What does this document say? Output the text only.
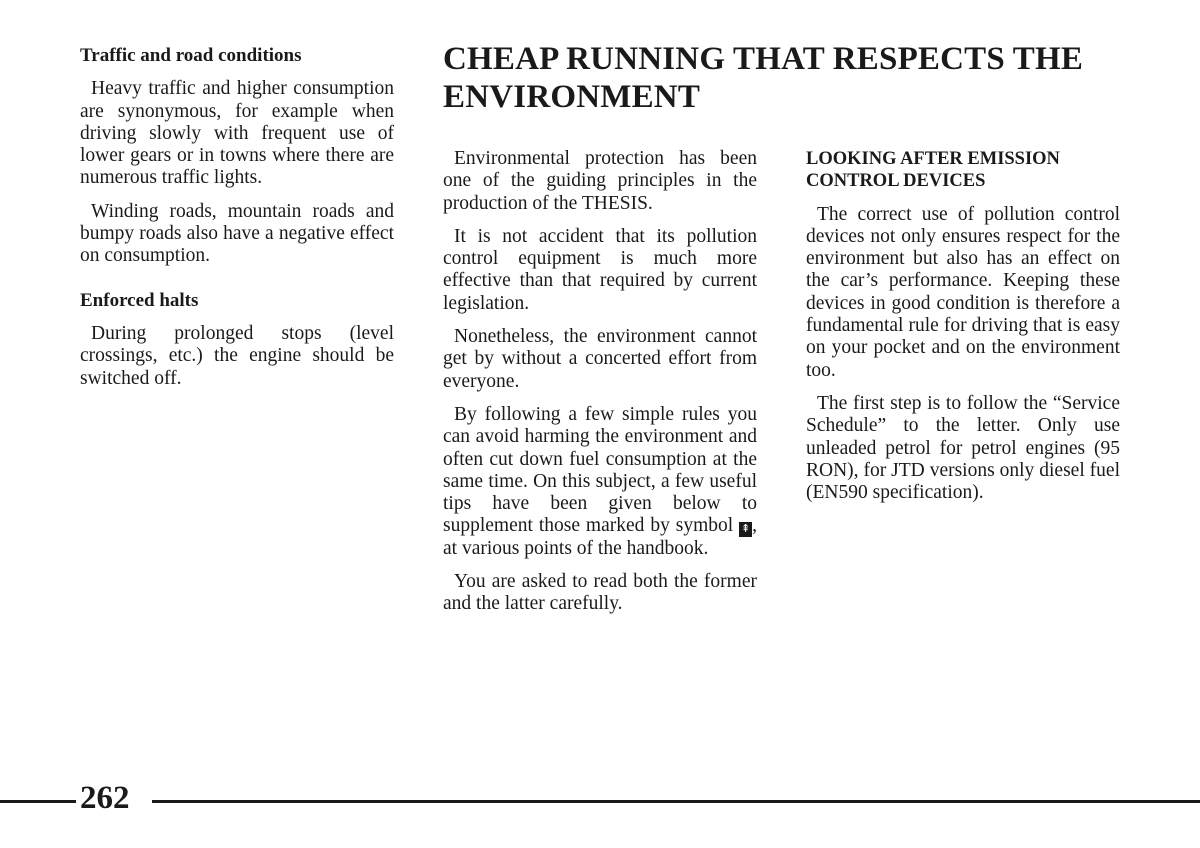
Traffic and road conditions

Heavy traffic and higher consumption are synonymous, for example when driving slowly with frequent use of lower gears or in towns where there are numerous traffic lights.

Winding roads, mountain roads and bumpy roads also have a negative effect on consumption.

Enforced halts

During prolonged stops (level crossings, etc.) the engine should be switched off.

CHEAP RUNNING THAT RESPECTS THE ENVIRONMENT

Environmental protection has been one of the guiding principles in the production of the THESIS.

It is not accident that its pollution control equipment is much more effective than that required by current legislation.

Nonetheless, the environment cannot get by without a concerted effort from everyone.

By following a few simple rules you can avoid harming the environment and often cut down fuel consumption at the same time. On this subject, a few useful tips have been given below to supplement those marked by symbol ⇞, at various points of the handbook.

You are asked to read both the former and the latter carefully.

LOOKING AFTER EMISSION CONTROL DEVICES

The correct use of pollution control devices not only ensures respect for the environment but also has an effect on the car’s performance. Keeping these devices in good condition is therefore a fundamental rule for driving that is easy on your pocket and on the environment too.

The first step is to follow the “Service Schedule” to the letter. Only use unleaded petrol for petrol engines (95 RON), for JTD versions only diesel fuel (EN590 specification).

262
